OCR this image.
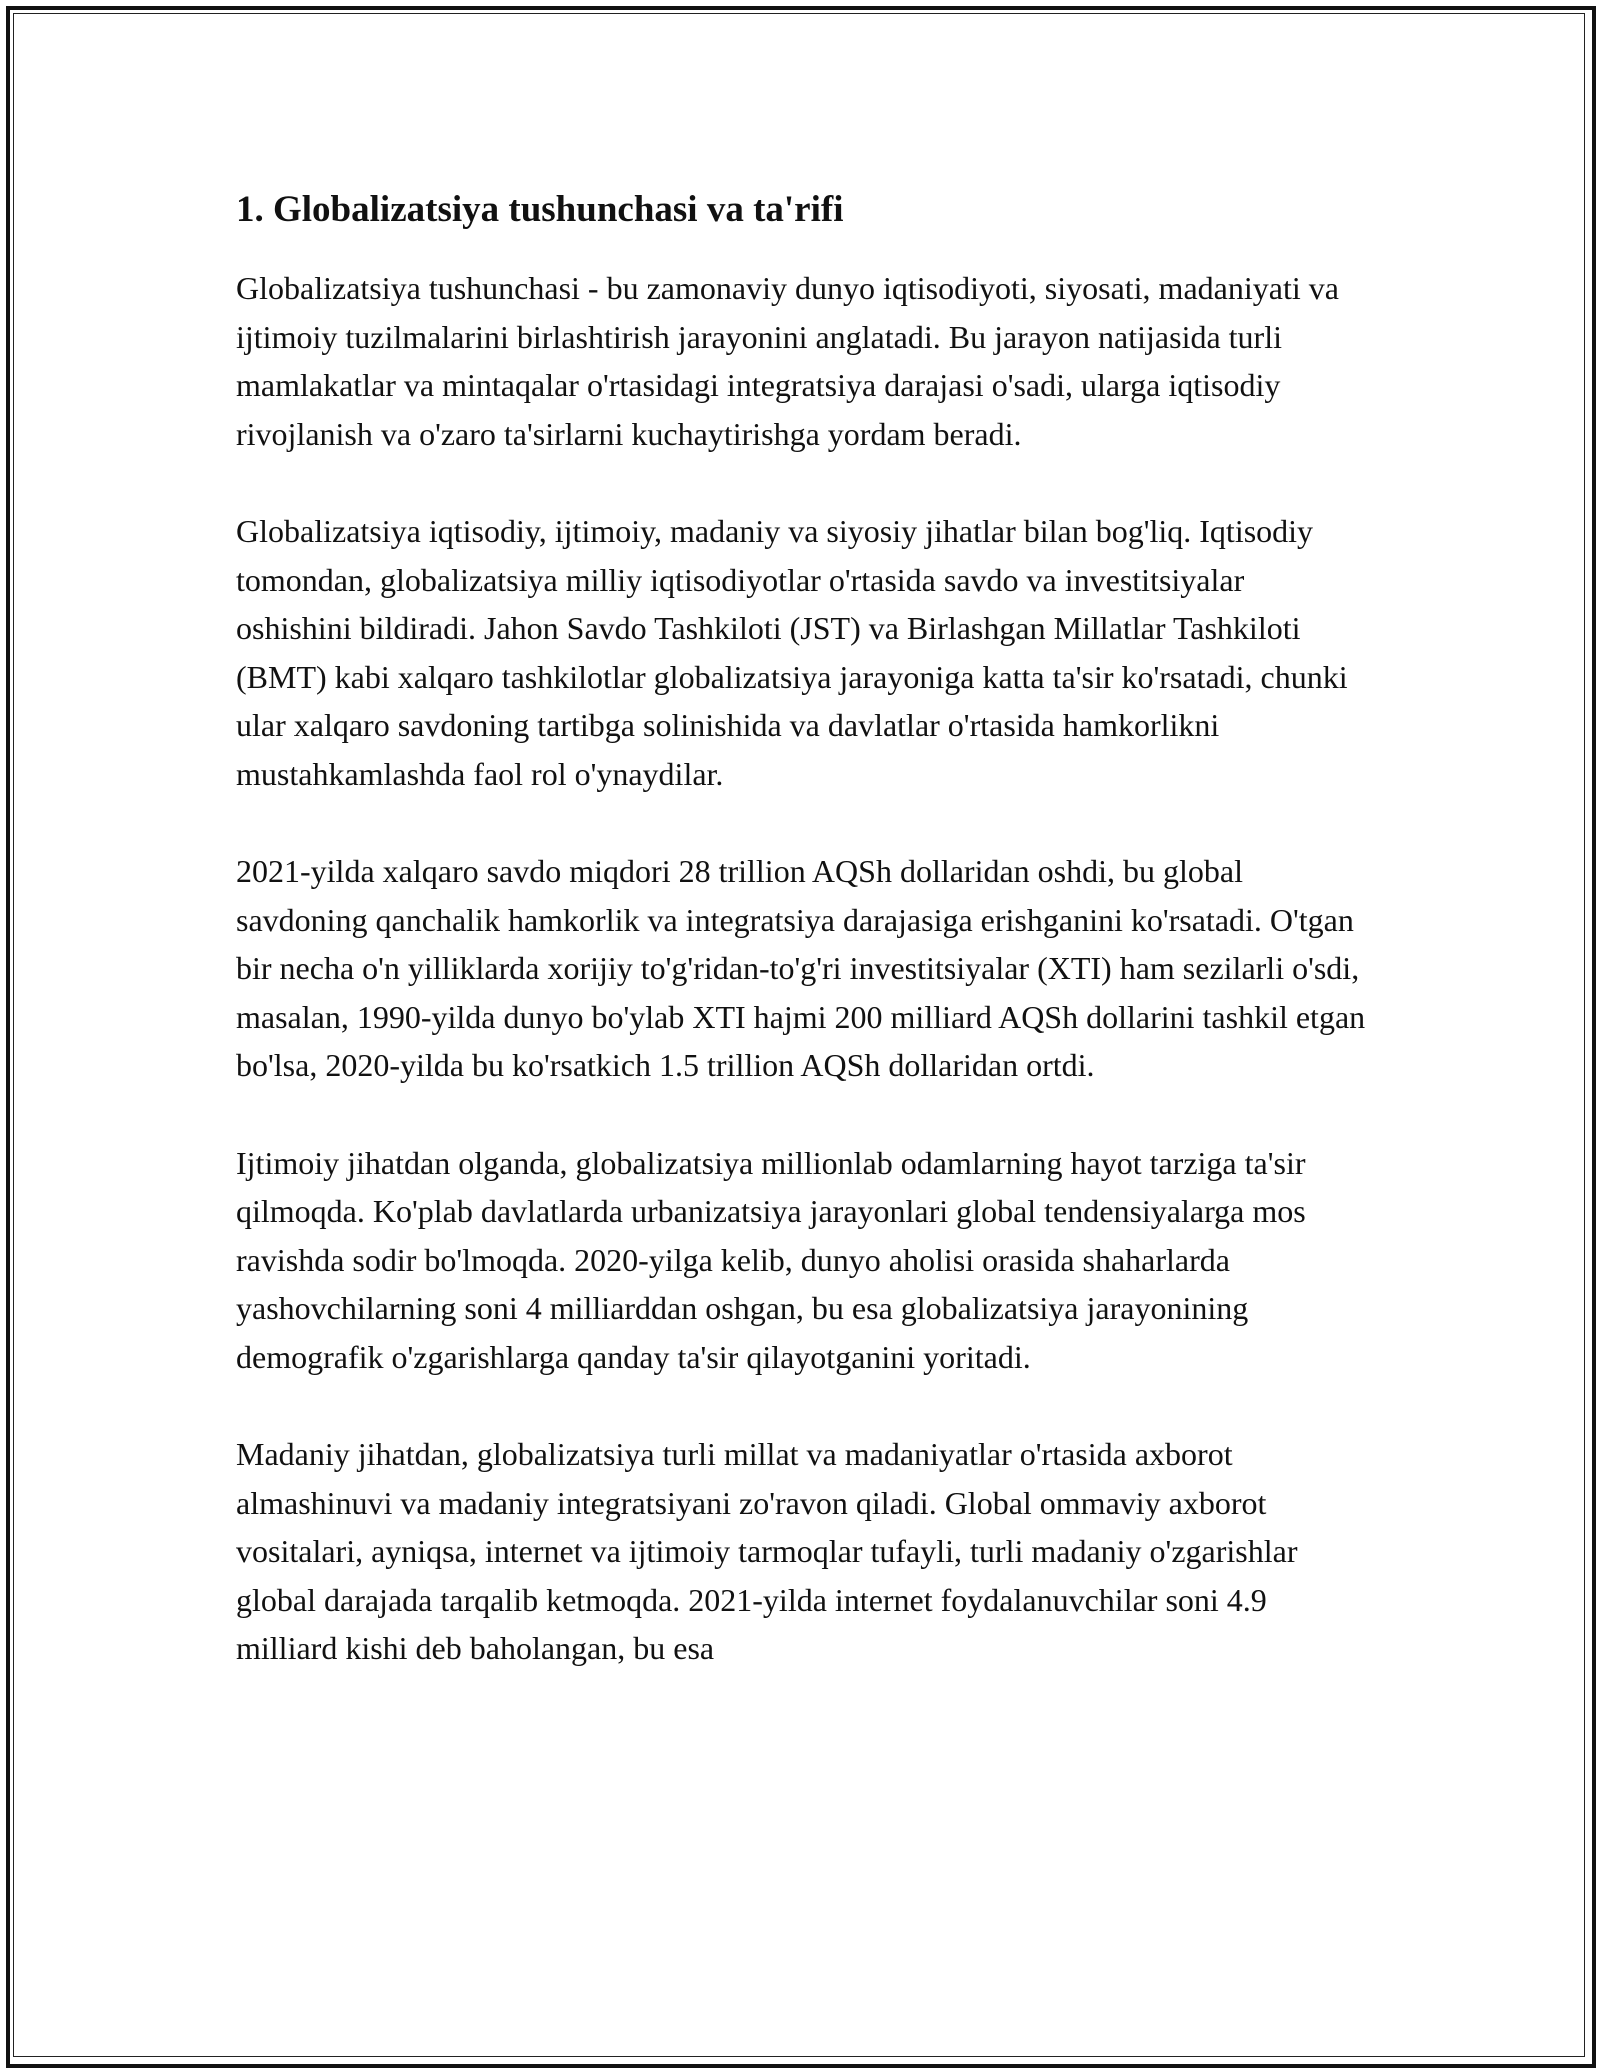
1. Globalizatsiya tushunchasi va ta'rifi

Globalizatsiya tushunchasi - bu zamonaviy dunyo iqtisodiyoti, siyosati, madaniyati va ijtimoiy tuzilmalarini birlashtirish jarayonini anglatadi. Bu jarayon natijasida turli mamlakatlar va mintaqalar o'rtasidagi integratsiya darajasi o'sadi, ularga iqtisodiy rivojlanish va o'zaro ta'sirlarni kuchaytirishga yordam beradi.

Globalizatsiya iqtisodiy, ijtimoiy, madaniy va siyosiy jihatlar bilan bog'liq. Iqtisodiy tomondan, globalizatsiya milliy iqtisodiyotlar o'rtasida savdo va investitsiyalar oshishini bildiradi. Jahon Savdo Tashkiloti (JST) va Birlashgan Millatlar Tashkiloti (BMT) kabi xalqaro tashkilotlar globalizatsiya jarayoniga katta ta'sir ko'rsatadi, chunki ular xalqaro savdoning tartibga solinishida va davlatlar o'rtasida hamkorlikni mustahkamlashda faol rol o'ynaydilar.

2021-yilda xalqaro savdo miqdori 28 trillion AQSh dollaridan oshdi, bu global savdoning qanchalik hamkorlik va integratsiya darajasiga erishganini ko'rsatadi. O'tgan bir necha o'n yilliklarda xorijiy to'g'ridan-to'g'ri investitsiyalar (XTI) ham sezilarli o'sdi, masalan, 1990-yilda dunyo bo'ylab XTI hajmi 200 milliard AQSh dollarini tashkil etgan bo'lsa, 2020-yilda bu ko'rsatkich 1.5 trillion AQSh dollaridan ortdi.

Ijtimoiy jihatdan olganda, globalizatsiya millionlab odamlarning hayot tarziga ta'sir qilmoqda. Ko'plab davlatlarda urbanizatsiya jarayonlari global tendensiyalarga mos ravishda sodir bo'lmoqda. 2020-yilga kelib, dunyo aholisi orasida shaharlarda yashovchilarning soni 4 milliarddan oshgan, bu esa globalizatsiya jarayonining demografik o'zgarishlarga qanday ta'sir qilayotganini yoritadi.

Madaniy jihatdan, globalizatsiya turli millat va madaniyatlar o'rtasida axborot almashinuvi va madaniy integratsiyani zo'ravon qiladi. Global ommaviy axborot vositalari, ayniqsa, internet va ijtimoiy tarmoqlar tufayli, turli madaniy o'zgarishlar global darajada tarqalib ketmoqda. 2021-yilda internet foydalanuvchilar soni 4.9 milliard kishi deb baholangan, bu esa
